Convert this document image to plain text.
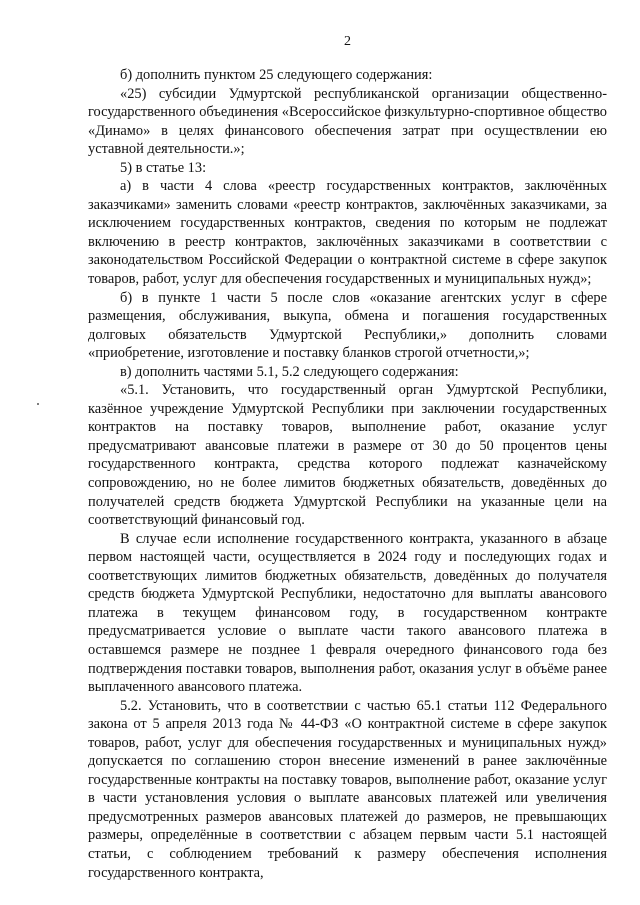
2

б) дополнить пунктом 25 следующего содержания:

«25) субсидии Удмуртской республиканской организации общественно-государственного объединения «Всероссийское физкультурно-спортивное общество «Динамо» в целях финансового обеспечения затрат при осуществлении ею уставной деятельности.»;

5) в статье 13:

а) в части 4 слова «реестр государственных контрактов, заключённых заказчиками» заменить словами «реестр контрактов, заключённых заказчиками, за исключением государственных контрактов, сведения по которым не подлежат включению в реестр контрактов, заключённых заказчиками в соответствии с законодательством Российской Федерации о контрактной системе в сфере закупок товаров, работ, услуг для обеспечения государственных и муниципальных нужд»;

б) в пункте 1 части 5 после слов «оказание агентских услуг в сфере размещения, обслуживания, выкупа, обмена и погашения государственных долговых обязательств Удмуртской Республики,» дополнить словами «приобретение, изготовление и поставку бланков строгой отчетности,»;

в) дополнить частями 5.1, 5.2 следующего содержания:

«5.1. Установить, что государственный орган Удмуртской Республики, казённое учреждение Удмуртской Республики при заключении государственных контрактов на поставку товаров, выполнение работ, оказание услуг предусматривают авансовые платежи в размере от 30 до 50 процентов цены государственного контракта, средства которого подлежат казначейскому сопровождению, но не более лимитов бюджетных обязательств, доведённых до получателей средств бюджета Удмуртской Республики на указанные цели на соответствующий финансовый год.

В случае если исполнение государственного контракта, указанного в абзаце первом настоящей части, осуществляется в 2024 году и последующих годах и соответствующих лимитов бюджетных обязательств, доведённых до получателя средств бюджета Удмуртской Республики, недостаточно для выплаты авансового платежа в текущем финансовом году, в государственном контракте предусматривается условие о выплате части такого авансового платежа в оставшемся размере не позднее 1 февраля очередного финансового года без подтверждения поставки товаров, выполнения работ, оказания услуг в объёме ранее выплаченного авансового платежа.

5.2. Установить, что в соответствии с частью 65.1 статьи 112 Федерального закона от 5 апреля 2013 года № 44-ФЗ «О контрактной системе в сфере закупок товаров, работ, услуг для обеспечения государственных и муниципальных нужд» допускается по соглашению сторон внесение изменений в ранее заключённые государственные контракты на поставку товаров, выполнение работ, оказание услуг в части установления условия о выплате авансовых платежей или увеличения предусмотренных размеров авансовых платежей до размеров, не превышающих размеры, определённые в соответствии с абзацем первым части 5.1 настоящей статьи, с соблюдением требований к размеру обеспечения исполнения государственного контракта,
